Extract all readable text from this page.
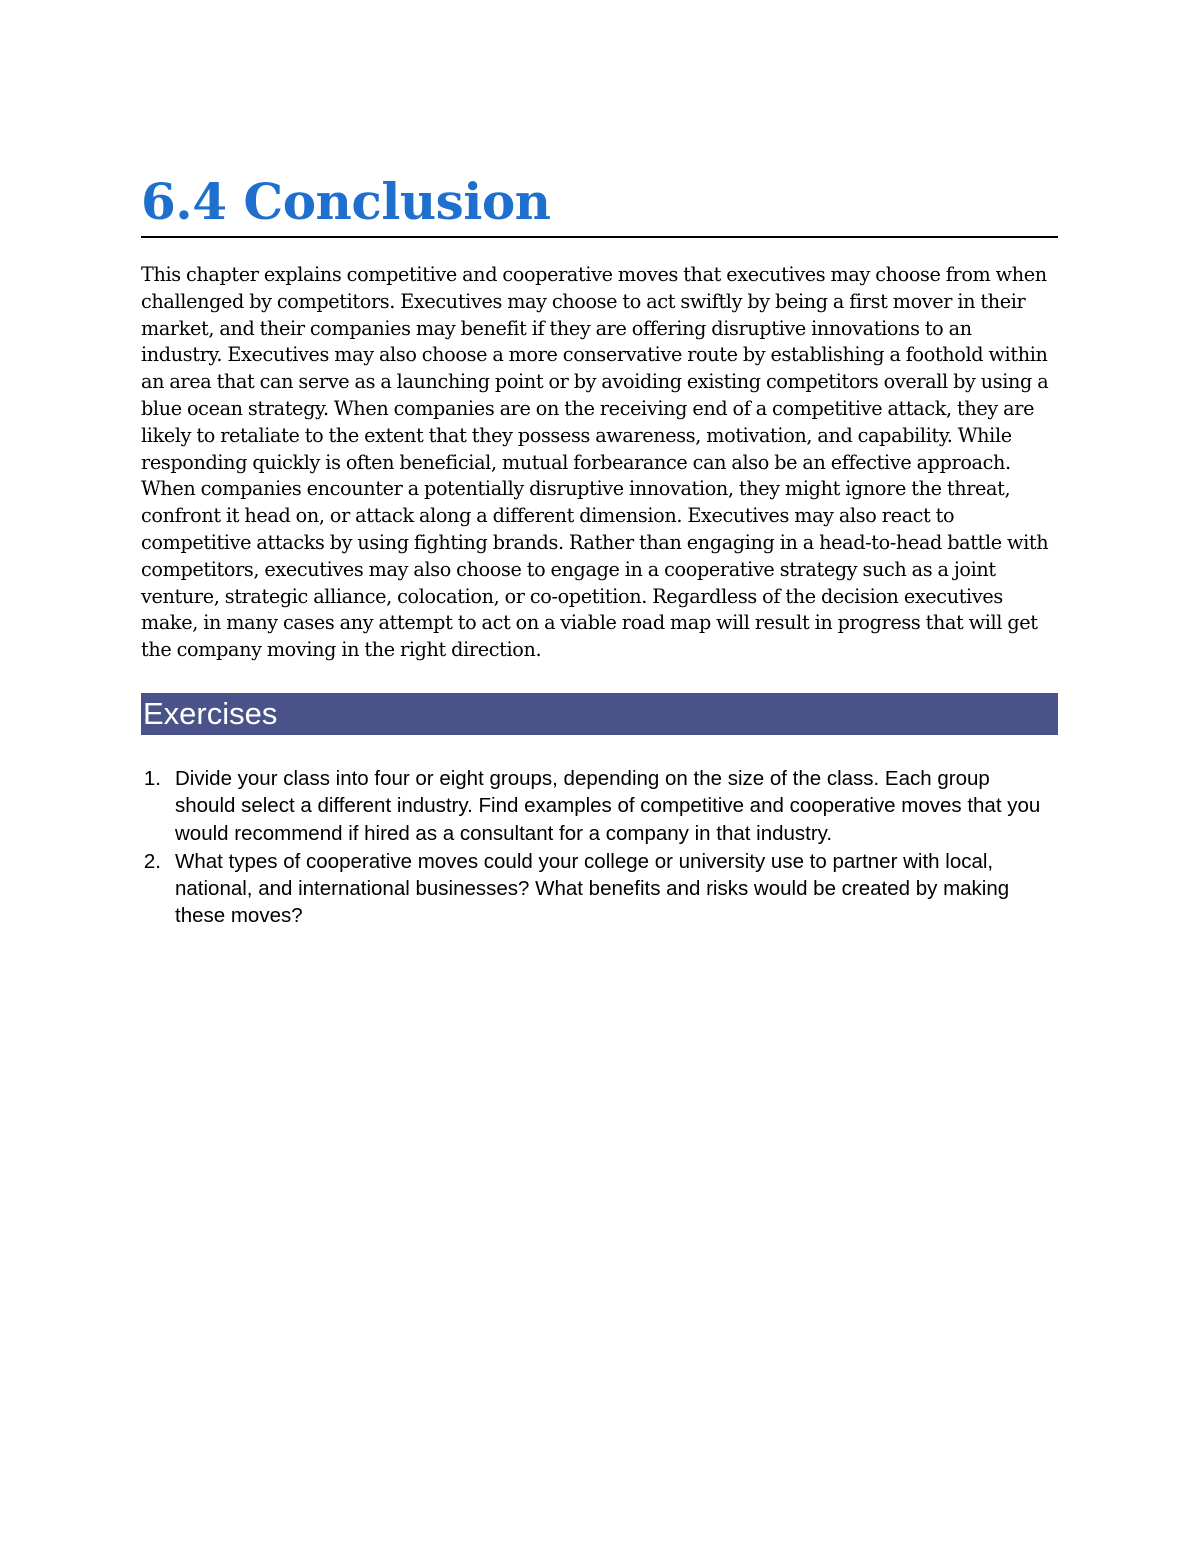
6.4 Conclusion

This chapter explains competitive and cooperative moves that executives may choose from when challenged by competitors. Executives may choose to act swiftly by being a first mover in their market, and their companies may benefit if they are offering disruptive innovations to an industry. Executives may also choose a more conservative route by establishing a foothold within an area that can serve as a launching point or by avoiding existing competitors overall by using a blue ocean strategy. When companies are on the receiving end of a competitive attack, they are likely to retaliate to the extent that they possess awareness, motivation, and capability. While responding quickly is often beneficial, mutual forbearance can also be an effective approach. When companies encounter a potentially disruptive innovation, they might ignore the threat, confront it head on, or attack along a different dimension. Executives may also react to competitive attacks by using fighting brands. Rather than engaging in a head-to-head battle with competitors, executives may also choose to engage in a cooperative strategy such as a joint venture, strategic alliance, colocation, or co-opetition. Regardless of the decision executives make, in many cases any attempt to act on a viable road map will result in progress that will get the company moving in the right direction.

Exercises
1. Divide your class into four or eight groups, depending on the size of the class. Each group should select a different industry. Find examples of competitive and cooperative moves that you would recommend if hired as a consultant for a company in that industry.
2. What types of cooperative moves could your college or university use to partner with local, national, and international businesses? What benefits and risks would be created by making these moves?
